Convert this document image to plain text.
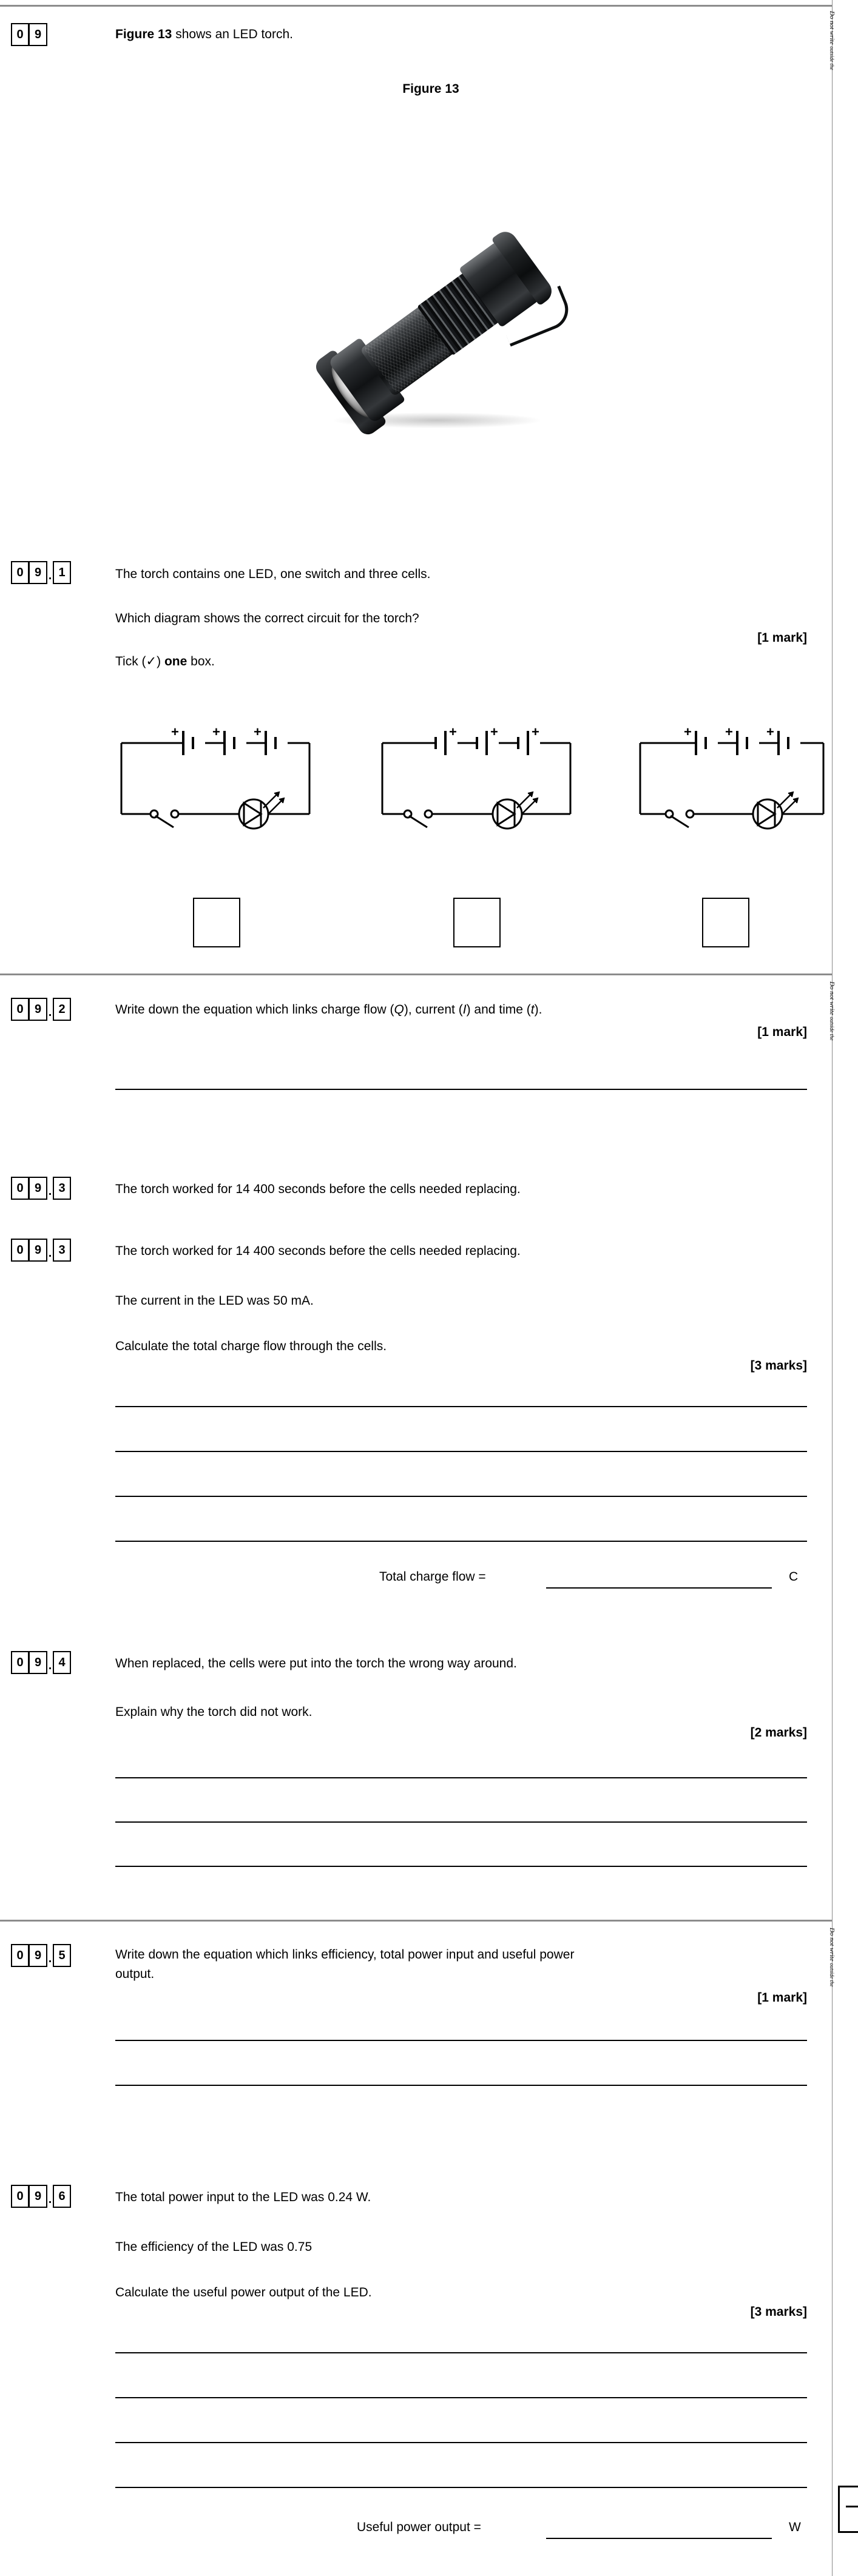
Do not write outside the
Do not write outside the
Do not write outside the
0 9	Figure 13 shows an LED torch.
Figure 13
0 9 . 1	The torch contains one LED, one switch and three cells.
Which diagram shows the correct circuit for the torch?
[1 mark]
Tick (✓) one box.
+	+	+	+	+	+	+	+	+
0 9 . 2	Write down the equation which links charge flow (Q), current (I) and time (t).
[1 mark]
0 9 . 3	The torch worked for 14 400 seconds before the cells needed replacing.
0 9 . 3	The torch worked for 14 400 seconds before the cells needed replacing.
The current in the LED was 50 mA.
Calculate the total charge flow through the cells.
[3 marks]
Total charge flow =	C
0 9 . 4	When replaced, the cells were put into the torch the wrong way around.
Explain why the torch did not work.
[2 marks]
0 9 . 5	Write down the equation which links efficiency, total power input and useful power
output.
[1 mark]
0 9 . 6	The total power input to the LED was 0.24 W.
The efficiency of the LED was 0.75
Calculate the useful power output of the LED.
[3 marks]
Useful power output =	W
